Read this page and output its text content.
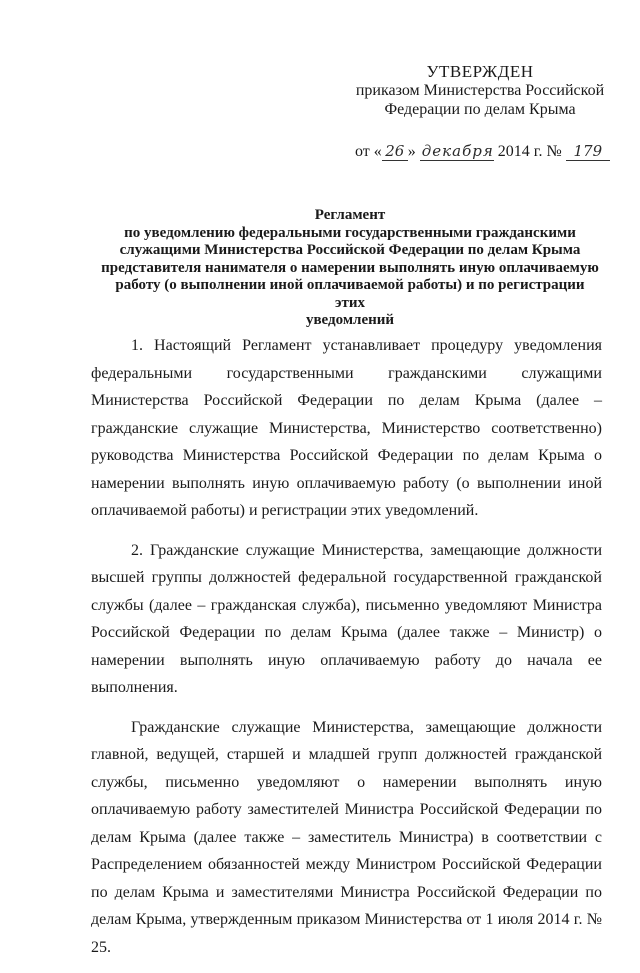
УТВЕРЖДЕН
приказом Министерства Российской
Федерации по делам Крыма
от « 26 » декабря 2014 г. № 179
Регламент
по уведомлению федеральными государственными гражданскими
служащими Министерства Российской Федерации по делам Крыма
представителя нанимателя о намерении выполнять иную оплачиваемую
работу (о выполнении иной оплачиваемой работы) и по регистрации этих
уведомлений

1. Настоящий Регламент устанавливает процедуру уведомления федеральными государственными гражданскими служащими Министерства Российской Федерации по делам Крыма (далее – гражданские служащие Министерства, Министерство соответственно) руководства Министерства Российской Федерации по делам Крыма о намерении выполнять иную оплачиваемую работу (о выполнении иной оплачиваемой работы) и регистрации этих уведомлений.

2. Гражданские служащие Министерства, замещающие должности высшей группы должностей федеральной государственной гражданской службы (далее – гражданская служба), письменно уведомляют Министра Российской Федерации по делам Крыма (далее также – Министр) о намерении выполнять иную оплачиваемую работу до начала ее выполнения.

Гражданские служащие Министерства, замещающие должности главной, ведущей, старшей и младшей групп должностей гражданской службы, письменно уведомляют о намерении выполнять иную оплачиваемую работу заместителей Министра Российской Федерации по делам Крыма (далее также – заместитель Министра) в соответствии с Распределением обязанностей между Министром Российской Федерации по делам Крыма и заместителями Министра Российской Федерации по делам Крыма, утвержденным приказом Министерства от 1 июля 2014 г. № 25.
